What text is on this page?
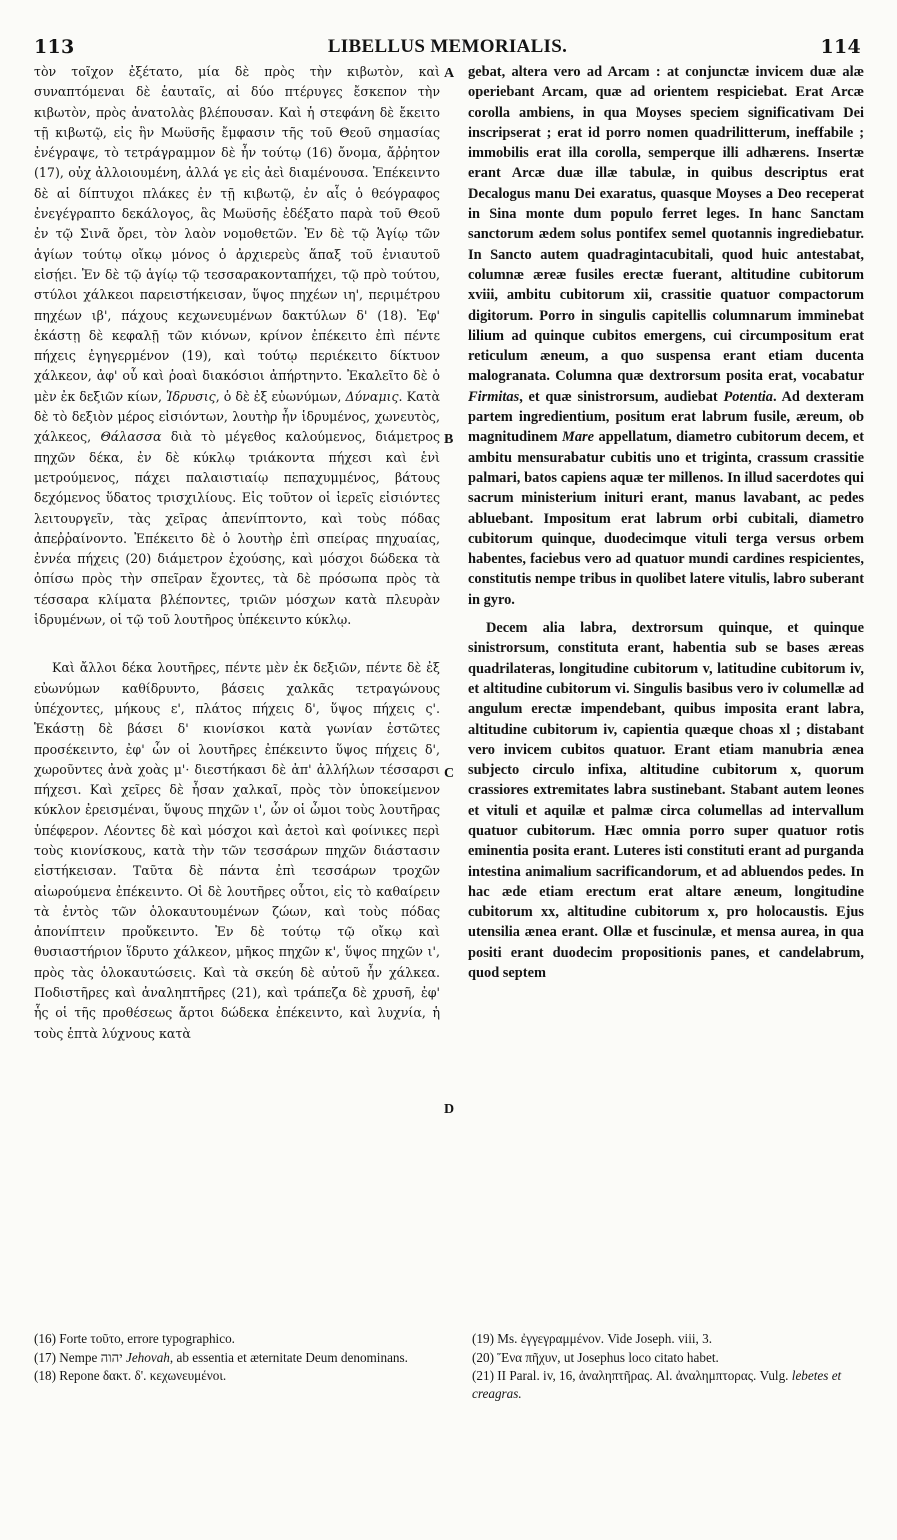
113	LIBELLUS MEMORIALIS.	114

τὸν τοῖχον ἐξέτατο, μία δὲ πρὸς τὴν κιβωτὸν, καὶ συναπτόμεναι δὲ ἑαυταῖς, αἱ δύο πτέρυγες ἔσκεπον τὴν κιβωτὸν, πρὸς ἀνατολὰς βλέπουσαν. Καὶ ἡ στεφάνη δὲ ἔκειτο τῇ κιβωτῷ, εἰς ἣν Μωϋσῆς ἔμφασιν τῆς τοῦ Θεοῦ σημασίας ἐνέγραψε, τὸ τετράγραμμον δὲ ἦν τούτῳ (16) ὄνομα, ἄῤῥητον (17), οὐχ ἀλλοιουμένη, ἀλλά γε εἰς ἀεὶ διαμένουσα. Ἐπέκειντο δὲ αἱ δίπτυχοι πλάκες ἐν τῇ κιβωτῷ, ἐν αἷς ὁ θεόγραφος ἐνεγέγραπτο δεκάλογος, ἃς Μωϋσῆς ἐδέξατο παρὰ τοῦ Θεοῦ ἐν τῷ Σινᾶ ὄρει, τὸν λαὸν νομοθετῶν. Ἐν δὲ τῷ Ἁγίῳ τῶν ἁγίων τούτῳ οἴκῳ μόνος ὁ ἀρχιερεὺς ἅπαξ τοῦ ἐνιαυτοῦ εἰσῄει. Ἐν δὲ τῷ ἁγίῳ τῷ τεσσαρακονταπήχει, τῷ πρὸ τούτου, στύλοι χάλκεοι παρειστήκεισαν, ὕψος πηχέων ιη', περιμέτρου πηχέων ιβ', πάχους κεχωνευμένων δακτύλων δ' (18). Ἐφ' ἑκάστῃ δὲ κεφαλῇ τῶν κιόνων, κρίνον ἐπέκειτο ἐπὶ πέντε πήχεις ἐγηγερμένον (19), καὶ τούτῳ περιέκειτο δίκτυον χάλκεον, ἀφ' οὗ καὶ ῥοαὶ διακόσιοι ἀπήρτηντο. Ἐκαλεῖτο δὲ ὁ μὲν ἐκ δεξιῶν κίων, Ἱδρυσις, ὁ δὲ ἐξ εὐωνύμων, Δύναμις. Κατὰ δὲ τὸ δεξιὸν μέρος εἰσιόντων, λουτὴρ ἦν ἱδρυμένος, χωνευτὸς, χάλκεος, Θάλασσα διὰ τὸ μέγεθος καλούμενος, διάμετρος πηχῶν δέκα, ἐν δὲ κύκλῳ τριάκοντα πήχεσι καὶ ἑνὶ μετρούμενος, πάχει παλαιστιαίῳ πεπαχυμμένος, βάτους δεχόμενος ὕδατος τρισχιλίους. Εἰς τοῦτον οἱ ἱερεῖς εἰσιόντες λειτουργεῖν, τὰς χεῖρας ἀπενίπτοντο, καὶ τοὺς πόδας ἀπεῤῥαίνοντο. Ἐπέκειτο δὲ ὁ λουτὴρ ἐπὶ σπείρας πηχυαίας, ἐννέα πήχεις (20) διάμετρον ἐχούσης, καὶ μόσχοι δώδεκα τὰ ὀπίσω πρὸς τὴν σπεῖραν ἔχοντες, τὰ δὲ πρόσωπα πρὸς τὰ τέσσαρα κλίματα βλέποντες, τριῶν μόσχων κατὰ πλευρὰν ἱδρυμένων, οἱ τῷ τοῦ λουτῆρος ὑπέκειντο κύκλῳ.

Καὶ ἄλλοι δέκα λουτῆρες, πέντε μὲν ἐκ δεξιῶν, πέντε δὲ ἐξ εὐωνύμων καθίδρυντο, βάσεις χαλκᾶς τετραγώνους ὑπέχοντες, μήκους ε', πλάτος πήχεις δ', ὕψος πήχεις ς'. Ἑκάστῃ δὲ βάσει δ' κιονίσκοι κατὰ γωνίαν ἑστῶτες προσέκειντο, ἐφ' ὧν οἱ λουτῆρες ἐπέκειντο ὕψος πήχεις δ', χωροῦντες ἀνὰ χοὰς μ'· διεστήκασι δὲ ἀπ' ἀλλήλων τέσσαρσι πήχεσι. Καὶ χεῖρες δὲ ἦσαν χαλκαῖ, πρὸς τὸν ὑποκείμενον κύκλον ἐρεισμέναι, ὕψους πηχῶν ι', ὧν οἱ ὦμοι τοὺς λουτῆρας ὑπέφερον. Λέοντες δὲ καὶ μόσχοι καὶ ἀετοὶ καὶ φοίνικες περὶ τοὺς κιονίσκους, κατὰ τὴν τῶν τεσσάρων πηχῶν διάστασιν εἱστήκεισαν. Ταῦτα δὲ πάντα ἐπὶ τεσσάρων τροχῶν αἰωρούμενα ἐπέκειντο. Οἱ δὲ λουτῆρες οὗτοι, εἰς τὸ καθαίρειν τὰ ἐντὸς τῶν ὁλοκαυτουμένων ζώων, καὶ τοὺς πόδας ἀπονίπτειν προὔκειντο. Ἐν δὲ τούτῳ τῷ οἴκῳ καὶ θυσιαστήριον ἵδρυτο χάλκεον, μῆκος πηχῶν κ', ὕψος πηχῶν ι', πρὸς τὰς ὁλοκαυτώσεις. Καὶ τὰ σκεύη δὲ αὐτοῦ ἦν χάλκεα. Ποδιστῆρες καὶ ἀναληπτῆρες (21), καὶ τράπεζα δὲ χρυσῆ, ἐφ' ἧς οἱ τῆς προθέσεως ἄρτοι δώδεκα ἐπέκειντο, καὶ λυχνία, ἡ τοὺς ἑπτὰ λύχνους κατὰ

gebat, altera vero ad Arcam : at conjunctæ invicem duæ alæ operiebant Arcam, quæ ad orientem respiciebat. Erat Arcæ corolla ambiens, in qua Moyses speciem significativam Dei inscripserat ; erat id porro nomen quadrilitterum, ineffabile ; immobilis erat illa corolla, semperque illi adhærens. Insertæ erant Arcæ duæ illæ tabulæ, in quibus descriptus erat Decalogus manu Dei exaratus, quasque Moyses a Deo receperat in Sina monte dum populo ferret leges. In hanc Sanctam sanctorum ædem solus pontifex semel quotannis ingrediebatur. In Sancto autem quadragintacubitali, quod huic antestabat, columnæ æreæ fusiles erectæ fuerant, altitudine cubitorum xviii, ambitu cubitorum xii, crassitie quatuor compactorum digitorum. Porro in singulis capitellis columnarum imminebat lilium ad quinque cubitos emergens, cui circumpositum erat reticulum æneum, a quo suspensa erant etiam ducenta malogranata. Columna quæ dextrorsum posita erat, vocabatur Firmitas, et quæ sinistrorsum, audiebat Potentia. Ad dexteram partem ingredientium, positum erat labrum fusile, æreum, ob magnitudinem Mare appellatum, diametro cubitorum decem, et ambitu mensurabatur cubitis uno et triginta, crassum crassitie palmari, batos capiens aquæ ter millenos. In illud sacerdotes qui sacrum ministerium inituri erant, manus lavabant, ac pedes abluebant. Impositum erat labrum orbi cubitali, diametro cubitorum quinque, duodecimque vituli terga versus orbem habentes, faciebus vero ad quatuor mundi cardines respicientes, constitutis nempe tribus in quolibet latere vitulis, labro suberant in gyro.

Decem alia labra, dextrorsum quinque, et quinque sinistrorsum, constituta erant, habentia sub se bases æreas quadrilateras, longitudine cubitorum v, latitudine cubitorum iv, et altitudine cubitorum vi. Singulis basibus vero iv columellæ ad angulum erectæ impendebant, quibus imposita erant labra, altitudine cubitorum iv, capientia quæque choas xl ; distabant vero invicem cubitos quatuor. Erant etiam manubria ænea subjecto circulo infixa, altitudine cubitorum x, quorum crassiores extremitates labra sustinebant. Stabant autem leones et vituli et aquilæ et palmæ circa columellas ad intervallum quatuor cubitorum. Hæc omnia porro super quatuor rotis eminentia posita erant. Luteres isti constituti erant ad purganda intestina animalium sacrificandorum, et ad abluendos pedes. In hac æde etiam erectum erat altare æneum, longitudine cubitorum xx, altitudine cubitorum x, pro holocaustis. Ejus utensilia ænea erant. Ollæ et fuscinulæ, et mensa aurea, in qua positi erant duodecim propositionis panes, et candelabrum, quod septem

A
B
C
D
(16) Forte τοῦτο, errore typographico.
(17) Nempe יהוה Jehovah, ab essentia et æternitate Deum denominans.
(18) Repone δακτ. δ'. κεχωνευμένοι.
(19) Ms. ἐγγεγραμμένον. Vide Joseph. viii, 3.
(20) Ἕνα πῆχυν, ut Josephus loco citato habet.
(21) II Paral. iv, 16, ἀναληπτῆρας. Al. ἀναλημπτορας. Vulg. lebetes et creagras.
